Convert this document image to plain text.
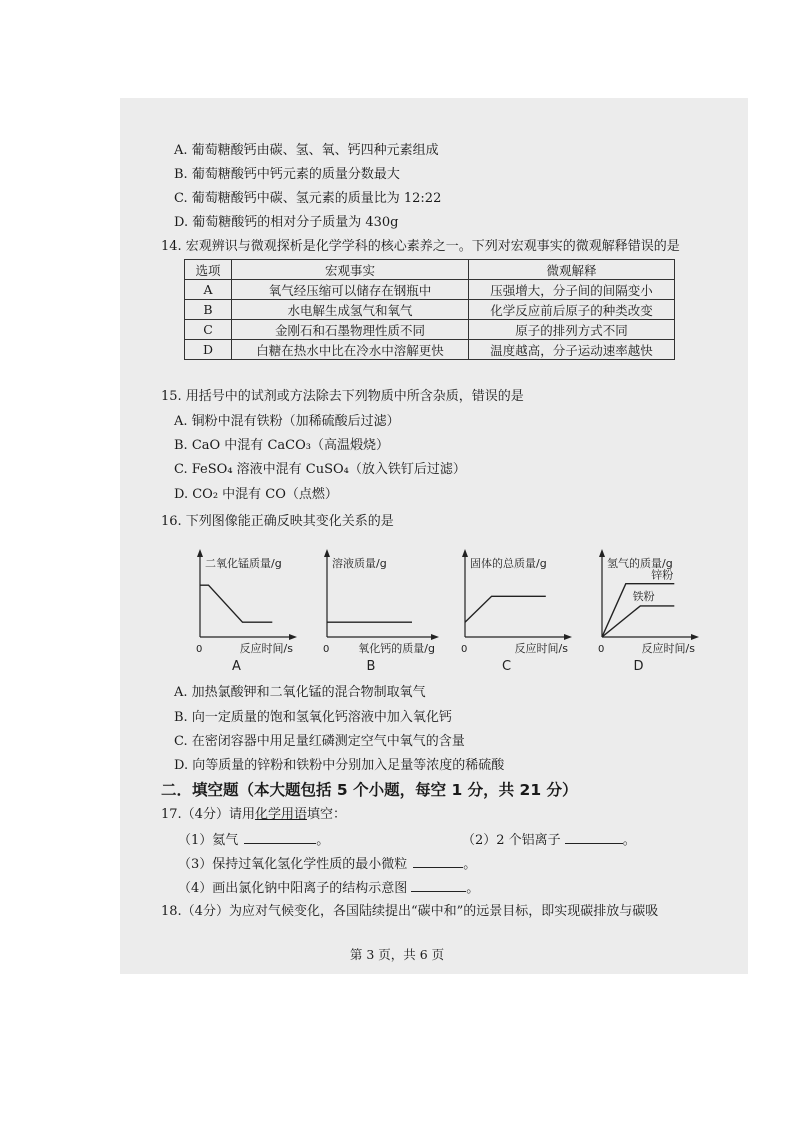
A. 葡萄糖酸钙由碳、氢、氧、钙四种元素组成
B. 葡萄糖酸钙中钙元素的质量分数最大
C. 葡萄糖酸钙中碳、氢元素的质量比为 12:22
D. 葡萄糖酸钙的相对分子质量为 430g
14. 宏观辨识与微观探析是化学学科的核心素养之一。下列对宏观事实的微观解释错误的是
选项	宏观事实	微观解释
A	氧气经压缩可以储存在钢瓶中	压强增大，分子间的间隔变小
B	水电解生成氢气和氧气	化学反应前后原子的种类改变
C	金刚石和石墨物理性质不同	原子的排列方式不同
D	白糖在热水中比在冷水中溶解更快	温度越高，分子运动速率越快
15. 用括号中的试剂或方法除去下列物质中所含杂质，错误的是
A. 铜粉中混有铁粉（加稀硫酸后过滤）
B. CaO 中混有 CaCO₃（高温煅烧）
C. FeSO₄ 溶液中混有 CuSO₄（放入铁钉后过滤）
D. CO₂ 中混有 CO（点燃）
16. 下列图像能正确反映其变化关系的是
二氧化锰质量/g
0	反应时间/s
A
溶液质量/g
0	氧化钙的质量/g
B
固体的总质量/g
0	反应时间/s
C
氢气的质量/g
0	反应时间/s
D
锌粉
铁粉
A. 加热氯酸钾和二氧化锰的混合物制取氧气
B. 向一定质量的饱和氢氧化钙溶液中加入氧化钙
C. 在密闭容器中用足量红磷测定空气中氧气的含量
D. 向等质量的锌粉和铁粉中分别加入足量等浓度的稀硫酸
二．填空题（本大题包括 5 个小题，每空 1 分，共 21 分）
17.（4分）请用化学用语填空：
（1）氦气	。	（2）2 个铝离子	。
（3）保持过氧化氢化学性质的最小微粒	。
（4）画出氯化钠中阳离子的结构示意图	。
18.（4分）为应对气候变化，各国陆续提出“碳中和”的远景目标，即实现碳排放与碳吸
第 3 页，共 6 页
